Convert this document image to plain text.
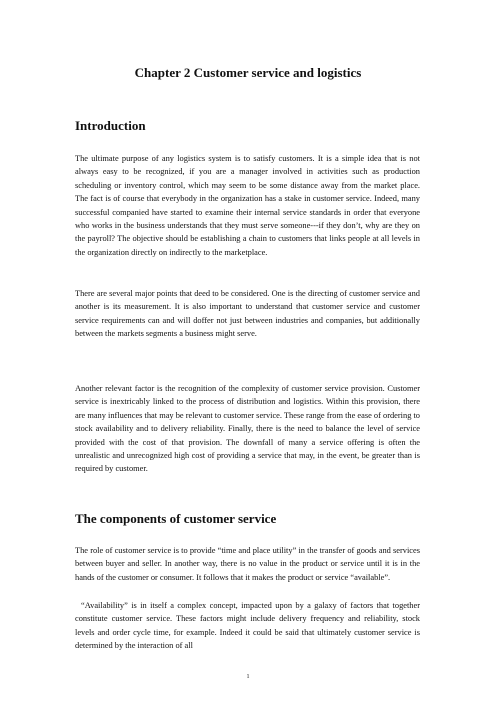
Chapter 2 Customer service and logistics
Introduction

The ultimate purpose of any logistics system is to satisfy customers. It is a simple idea that is not always easy to be recognized, if you are a manager involved in activities such as production scheduling or inventory control, which may seem to be some distance away from the market place. The fact is of course that everybody in the organization has a stake in customer service. Indeed, many successful companied have started to examine their internal service standards in order that everyone who works in the business understands that they must serve someone---if they don’t, why are they on the payroll? The objective should be establishing a chain to customers that links people at all levels in the organization directly on indirectly to the marketplace.

There are several major points that deed to be considered. One is the directing of customer service and another is its measurement. It is also important to understand that customer service and customer service requirements can and will doffer not just between industries and companies, but additionally between the markets segments a business might serve.

Another relevant factor is the recognition of the complexity of customer service provision. Customer service is inextricably linked to the process of distribution and logistics. Within this provision, there are many influences that may be relevant to customer service. These range from the ease of ordering to stock availability and to delivery reliability. Finally, there is the need to balance the level of service provided with the cost of that provision. The downfall of many a service offering is often the unrealistic and unrecognized high cost of providing a service that may, in the event, be greater than is required by customer.

The components of customer service

The role of customer service is to provide “time and place utility” in the transfer of goods and services between buyer and seller. In another way, there is no value in the product or service until it is in the hands of the customer or consumer. It follows that it makes the product or service “available”.

“Availability” is in itself a complex concept, impacted upon by a galaxy of factors that together constitute customer service. These factors might include delivery frequency and reliability, stock levels and order cycle time, for example. Indeed it could be said that ultimately customer service is determined by the interaction of all

1
